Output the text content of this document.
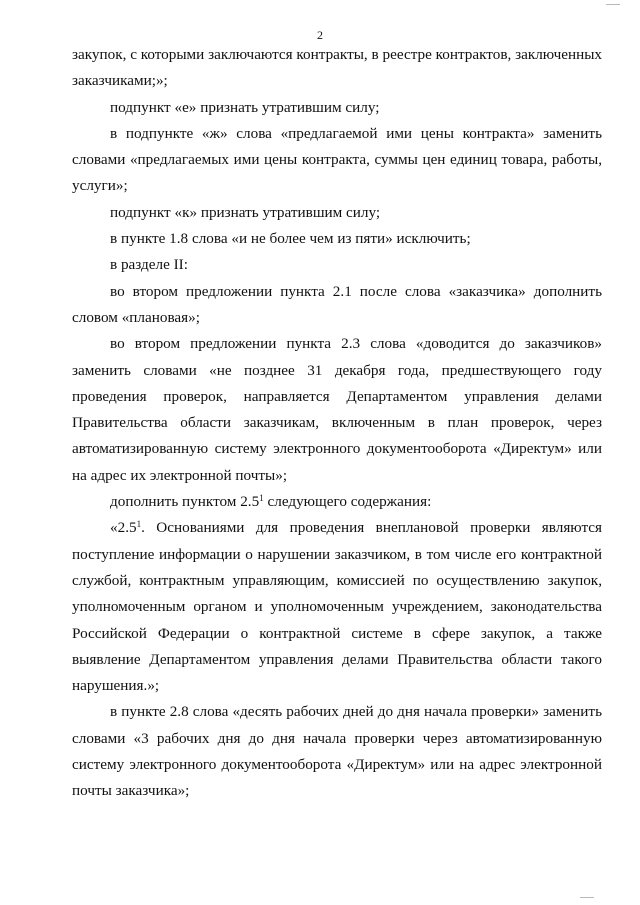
2

закупок, с которыми заключаются контракты, в реестре контрактов, заключенных заказчиками;»;

подпункт «е» признать утратившим силу;

в подпункте «ж» слова «предлагаемой ими цены контракта» заменить словами «предлагаемых ими цены контракта, суммы цен единиц товара, работы, услуги»;

подпункт «к» признать утратившим силу;

в пункте 1.8 слова «и не более чем из пяти» исключить;

в разделе II:

во втором предложении пункта 2.1 после слова «заказчика» дополнить словом «плановая»;

во втором предложении пункта 2.3 слова «доводится до заказчиков» заменить словами «не позднее 31 декабря года, предшествующего году проведения проверок, направляется Департаментом управления делами Правительства области заказчикам, включенным в план проверок, через автоматизированную систему электронного документооборота «Директум» или на адрес их электронной почты»;

дополнить пунктом $2.5^1$ следующего содержания:

«$2.5^1$. Основаниями для проведения внеплановой проверки являются поступление информации о нарушении заказчиком, в том числе его контрактной службой, контрактным управляющим, комиссией по осуществлению закупок, уполномоченным органом и уполномоченным учреждением, законодательства Российской Федерации о контрактной системе в сфере закупок, а также выявление Департаментом управления делами Правительства области такого нарушения.»;

в пункте 2.8 слова «десять рабочих дней до дня начала проверки» заменить словами «3 рабочих дня до дня начала проверки через автоматизированную систему электронного документооборота «Директум» или на адрес электронной почты заказчика»;
